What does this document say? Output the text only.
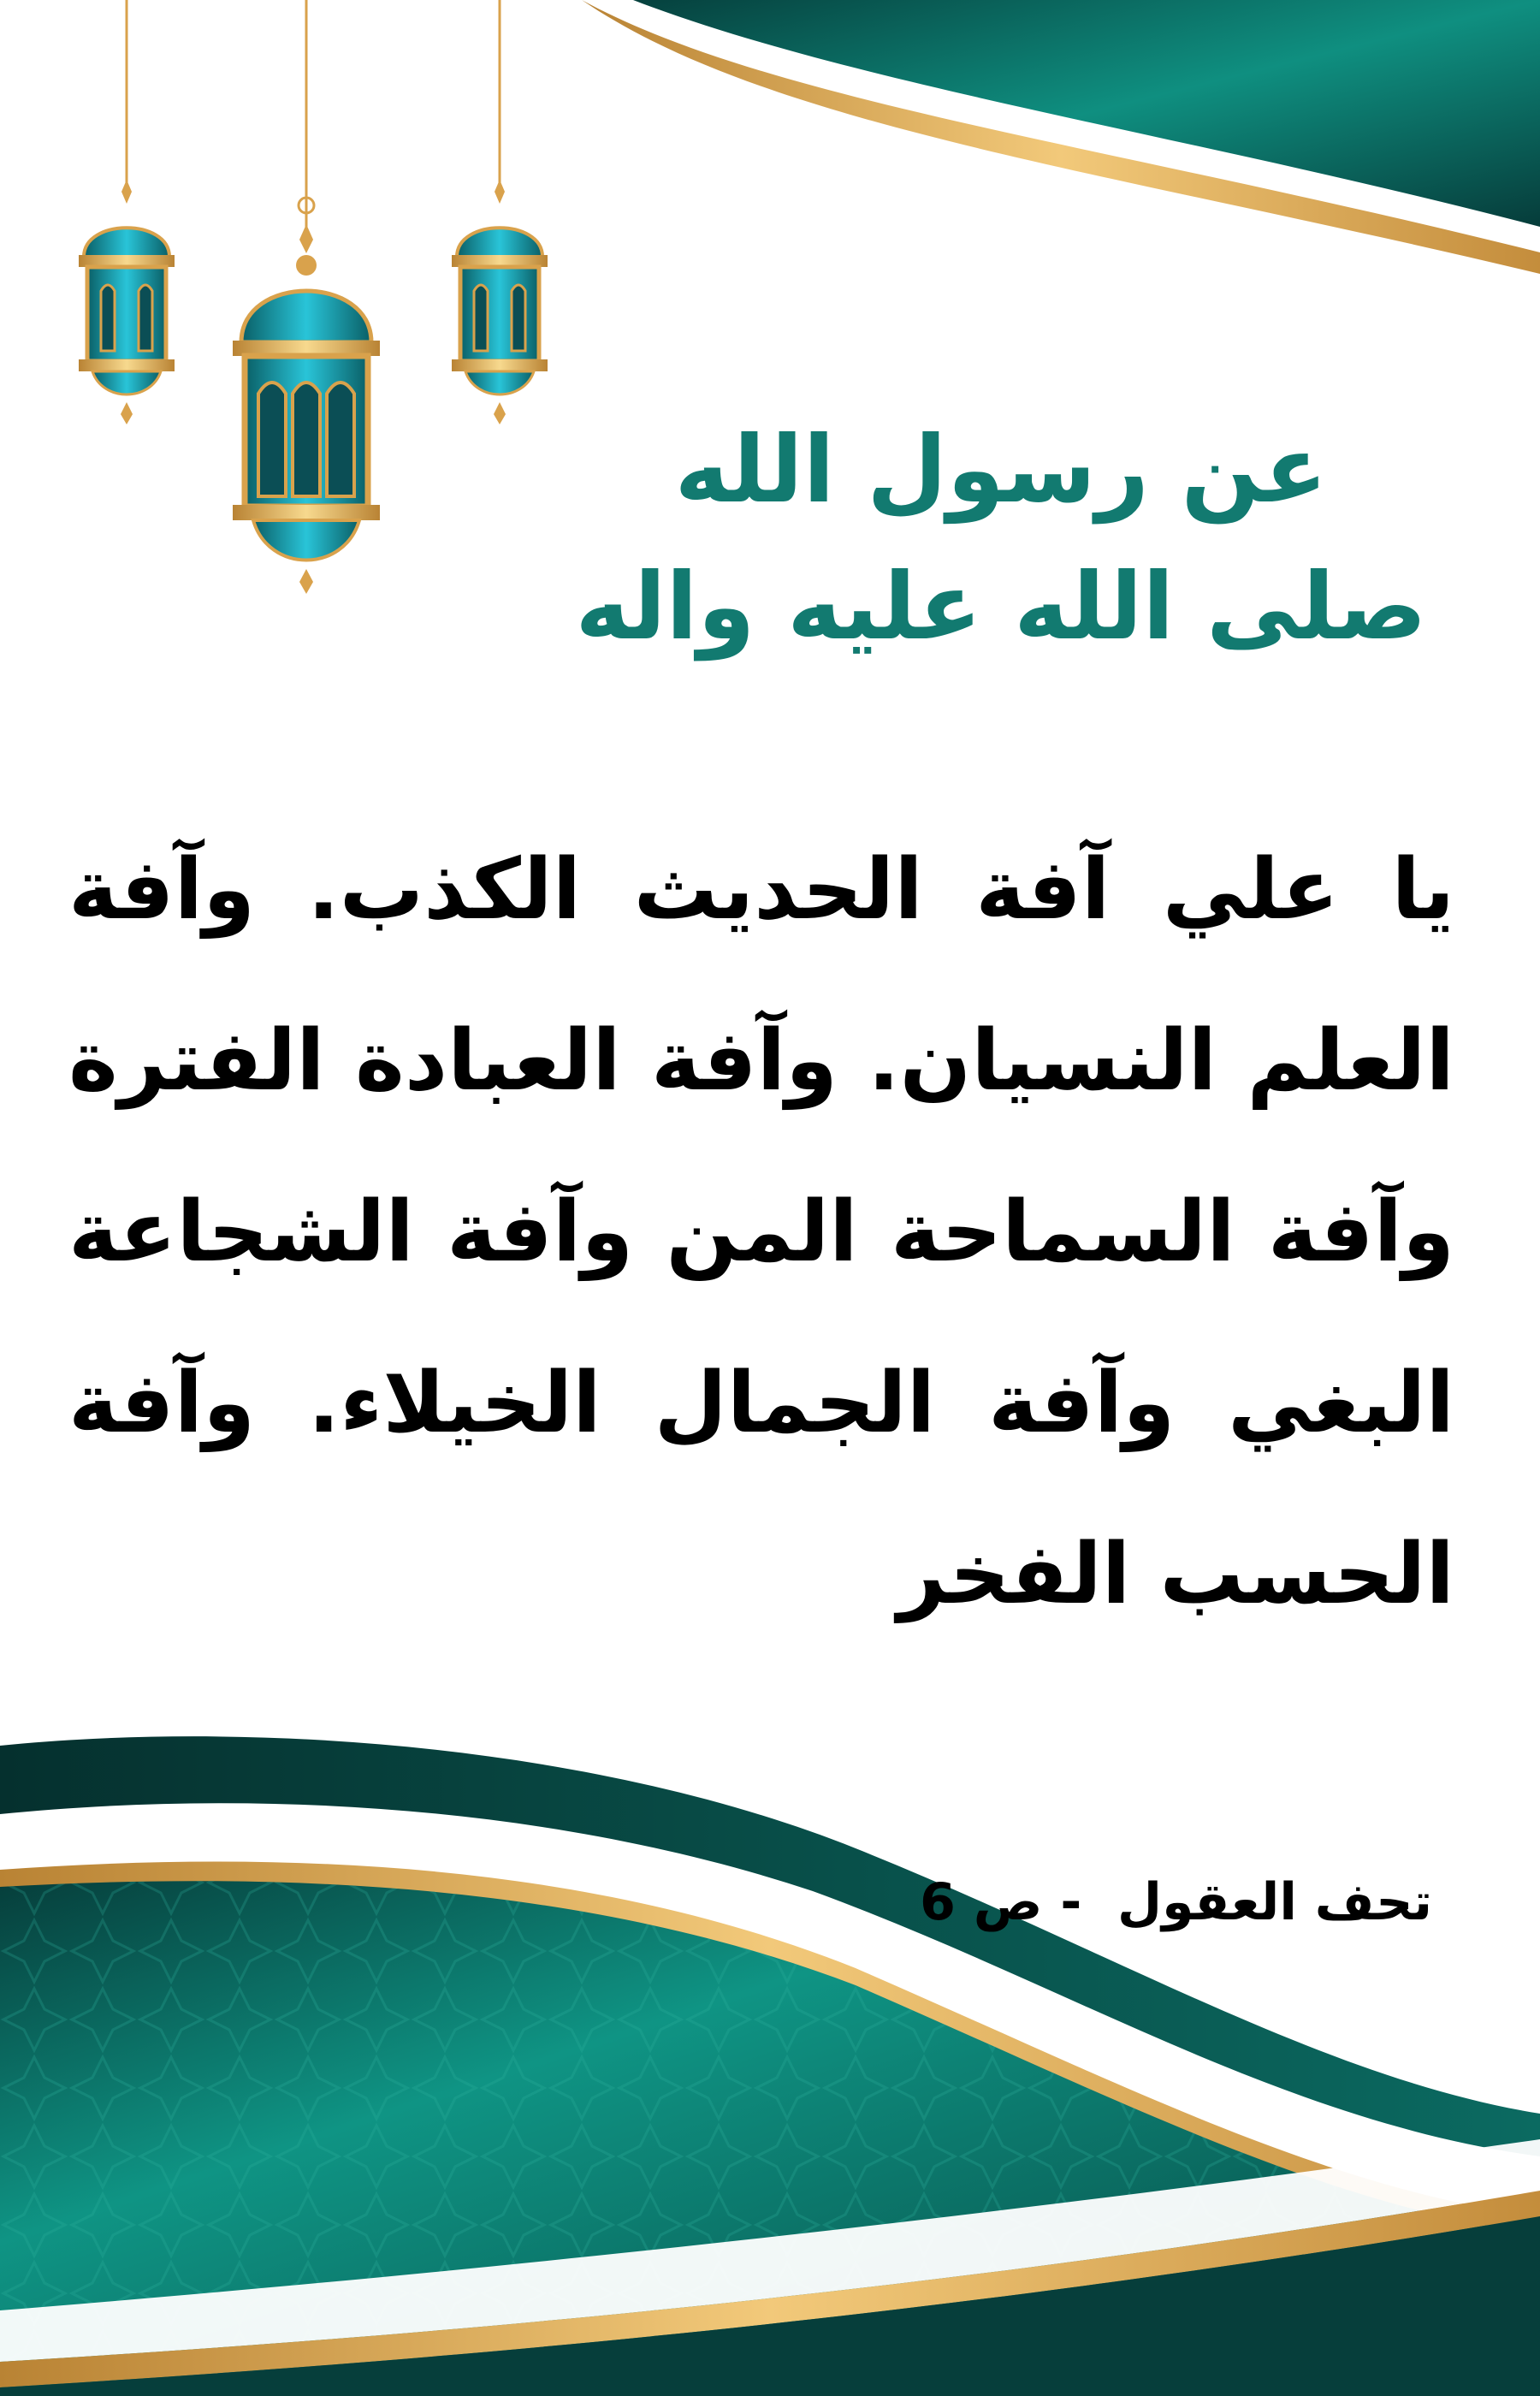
عن رسول الله
صلى الله عليه واله
يا علي آفة الحديث الكذب. وآفة العلم النسيان. وآفة العبادة الفترة وآفة السماحة المن وآفة الشجاعة البغي وآفة الجمال الخيلاء. وآفة الحسب الفخر
تحف العقول  - ص 6
